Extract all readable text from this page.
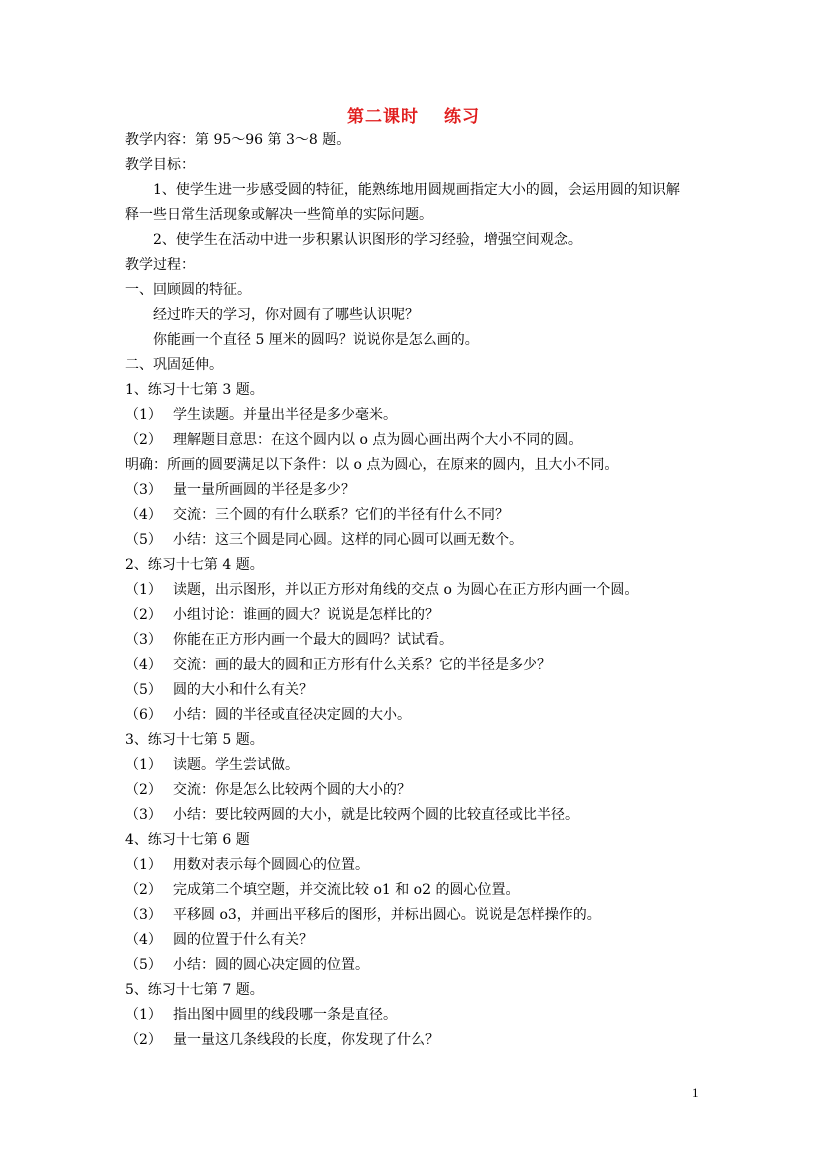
第二课时　 练习
教学内容：第 95～96 第 3～8 题。
教学目标：
1、使学生进一步感受圆的特征，能熟练地用圆规画指定大小的圆，会运用圆的知识解
释一些日常生活现象或解决一些简单的实际问题。
2、使学生在活动中进一步积累认识图形的学习经验，增强空间观念。
教学过程：
一、回顾圆的特征。
经过昨天的学习，你对圆有了哪些认识呢？
你能画一个直径 5 厘米的圆吗？说说你是怎么画的。
二、巩固延伸。
1、练习十七第 3 题。
（1） 学生读题。并量出半径是多少毫米。
（2） 理解题目意思：在这个圆内以 o 点为圆心画出两个大小不同的圆。
明确：所画的圆要满足以下条件：以 o 点为圆心，在原来的圆内，且大小不同。
（3） 量一量所画圆的半径是多少？
（4） 交流：三个圆的有什么联系？它们的半径有什么不同？
（5） 小结：这三个圆是同心圆。这样的同心圆可以画无数个。
2、练习十七第 4 题。
（1） 读题，出示图形，并以正方形对角线的交点 o 为圆心在正方形内画一个圆。
（2） 小组讨论：谁画的圆大？说说是怎样比的？
（3） 你能在正方形内画一个最大的圆吗？试试看。
（4） 交流：画的最大的圆和正方形有什么关系？它的半径是多少？
（5） 圆的大小和什么有关？
（6） 小结：圆的半径或直径决定圆的大小。
3、练习十七第 5 题。
（1） 读题。学生尝试做。
（2） 交流：你是怎么比较两个圆的大小的？
（3） 小结：要比较两圆的大小，就是比较两个圆的比较直径或比半径。
4、练习十七第 6 题
（1） 用数对表示每个圆圆心的位置。
（2） 完成第二个填空题，并交流比较 o1 和 o2 的圆心位置。
（3） 平移圆 o3，并画出平移后的图形，并标出圆心。说说是怎样操作的。
（4） 圆的位置于什么有关？
（5） 小结：圆的圆心决定圆的位置。
5、练习十七第 7 题。
（1） 指出图中圆里的线段哪一条是直径。
（2） 量一量这几条线段的长度，你发现了什么？
1
